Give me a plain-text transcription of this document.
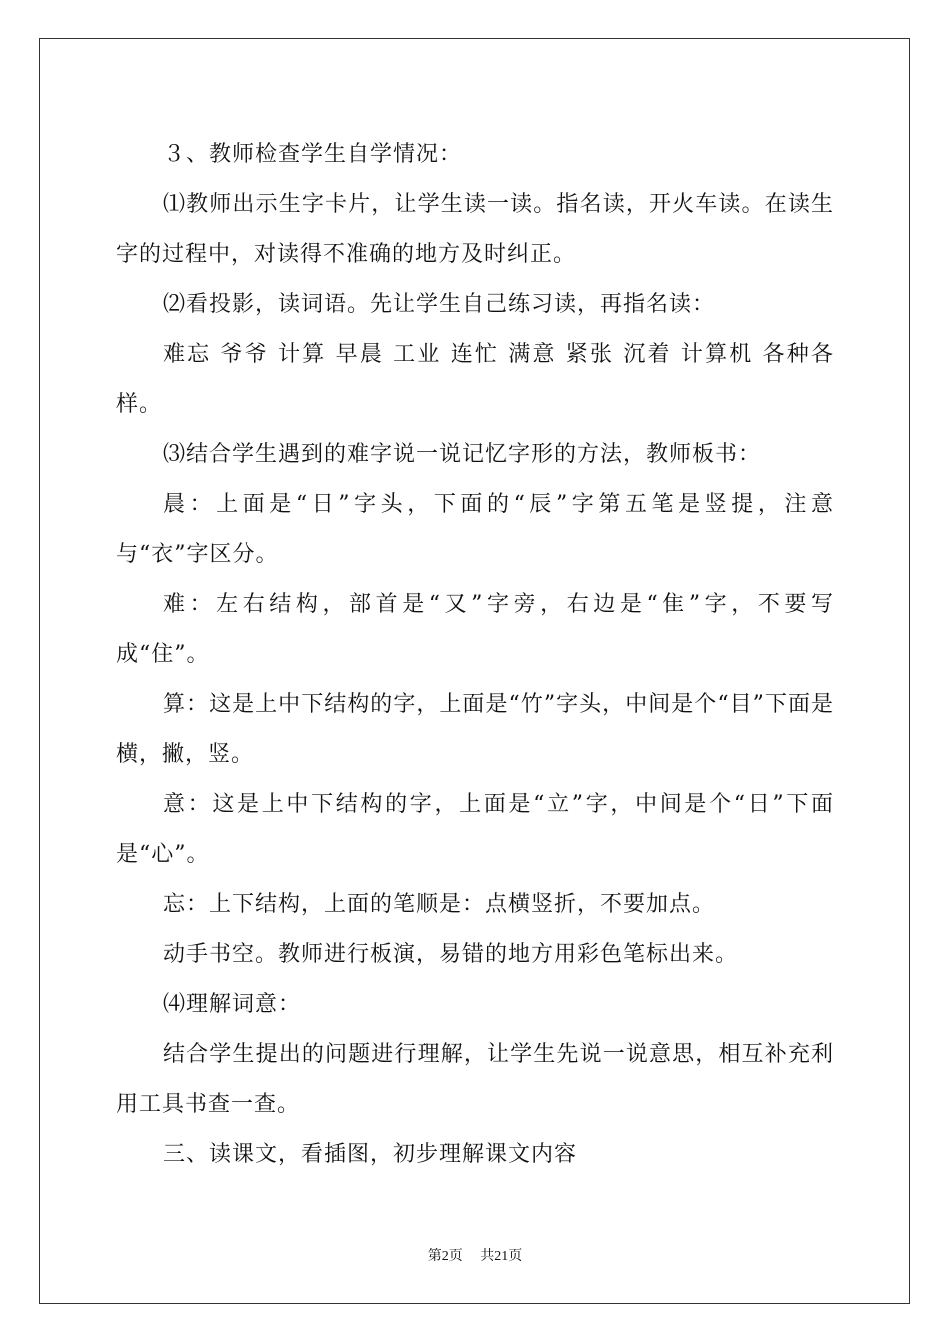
３、教师检查学生自学情况：

⑴教师出示生字卡片，让学生读一读。指名读，开火车读。在读生字的过程中，对读得不准确的地方及时纠正。

⑵看投影，读词语。先让学生自己练习读，再指名读：

难忘 爷爷 计算 早晨 工业 连忙 满意 紧张 沉着 计算机 各种各样。

⑶结合学生遇到的难字说一说记忆字形的方法，教师板书：

晨：上面是“日”字头，下面的“辰”字第五笔是竖提，注意与“衣”字区分。

难：左右结构，部首是“又”字旁，右边是“隹”字，不要写成“住”。

算：这是上中下结构的字，上面是“竹”字头，中间是个“目”下面是横，撇，竖。

意：这是上中下结构的字，上面是“立”字，中间是个“日”下面是“心”。

忘：上下结构，上面的笔顺是：点横竖折，不要加点。

动手书空。教师进行板演，易错的地方用彩色笔标出来。

⑷理解词意：

结合学生提出的问题进行理解，让学生先说一说意思，相互补充利用工具书查一查。

三、读课文，看插图，初步理解课文内容

第2页 共21页
